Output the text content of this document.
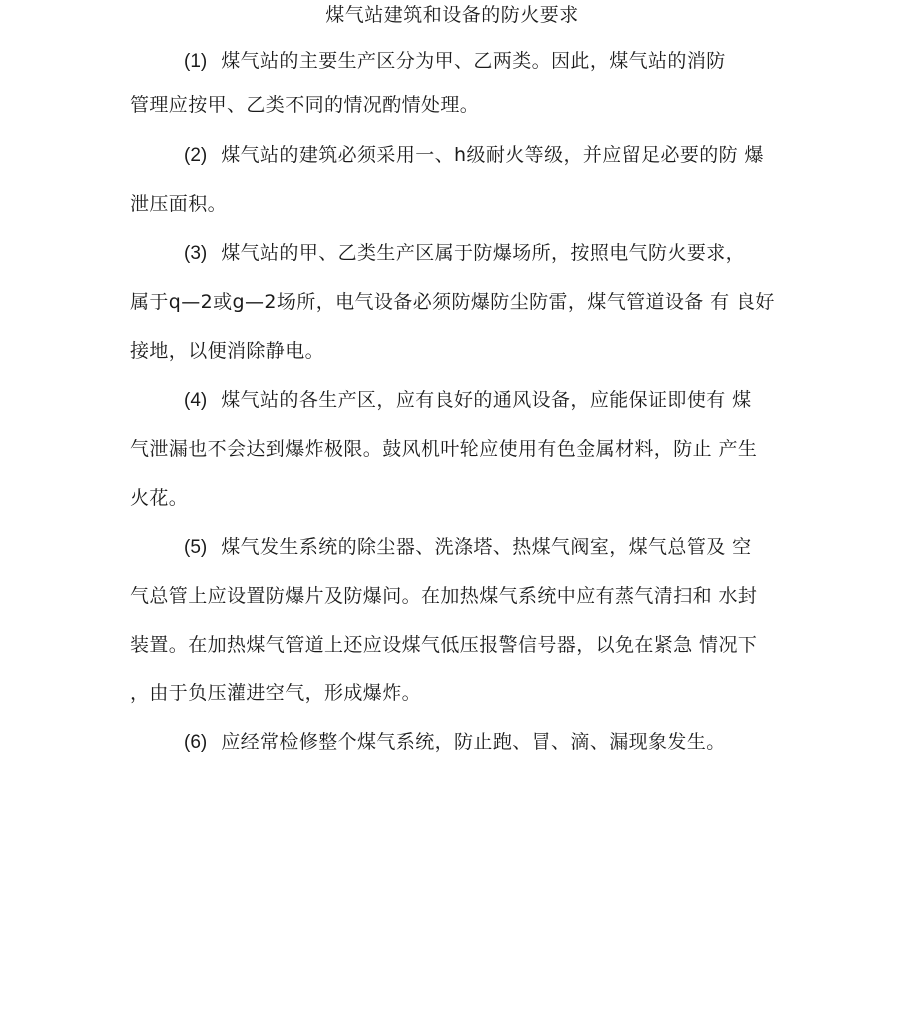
煤气站建筑和设备的防火要求
(1) 煤气站的主要生产区分为甲、乙两类。因此，煤气站的消防
管理应按甲、乙类不同的情况酌情处理。
(2) 煤气站的建筑必须采用一、h级耐火等级，并应留足必要的防 爆
泄压面积。
(3) 煤气站的甲、乙类生产区属于防爆场所，按照电气防火要求，
属于q—2或g—2场所，电气设备必须防爆防尘防雷，煤气管道设备 有 良好
接地，以便消除静电。
(4) 煤气站的各生产区，应有良好的通风设备，应能保证即使有 煤
气泄漏也不会达到爆炸极限。鼓风机叶轮应使用有色金属材料，防止 产生
火花。
(5) 煤气发生系统的除尘器、洗涤塔、热煤气阀室，煤气总管及 空
气总管上应设置防爆片及防爆问。在加热煤气系统中应有蒸气清扫和 水封
装置。在加热煤气管道上还应设煤气低压报警信号器，以免在紧急 情况下
，由于负压灌进空气，形成爆炸。
(6) 应经常检修整个煤气系统，防止跑、冒、滴、漏现象发生。
